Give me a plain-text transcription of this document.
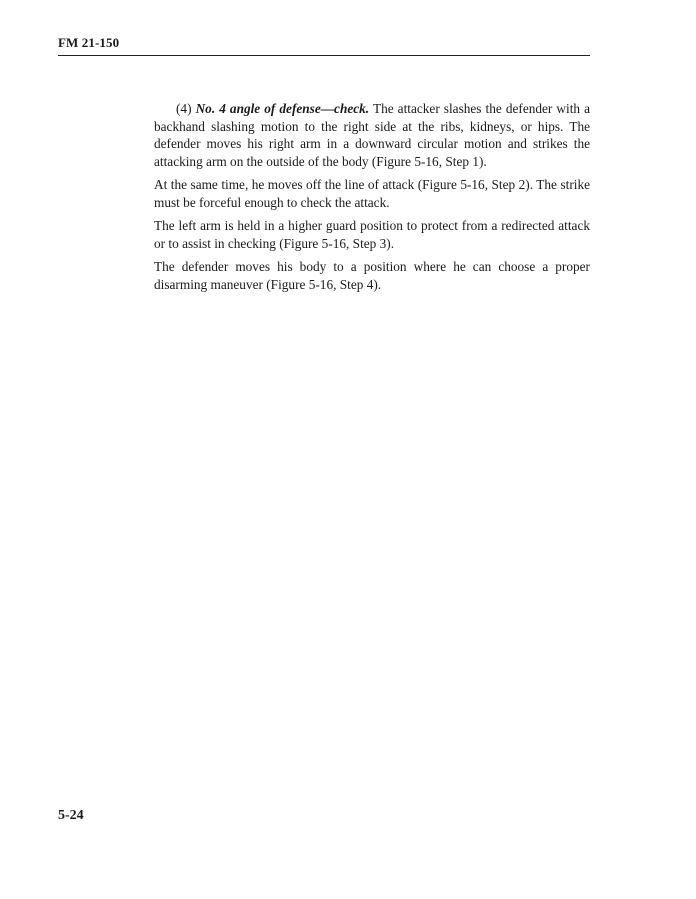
FM 21-150

(4) No. 4 angle of defense—check. The attacker slashes the defender with a backhand slashing motion to the right side at the ribs, kidneys, or hips. The defender moves his right arm in a downward circular motion and strikes the attacking arm on the outside of the body (Figure 5-16, Step 1).

At the same time, he moves off the line of attack (Figure 5-16, Step 2). The strike must be forceful enough to check the attack.

The left arm is held in a higher guard position to protect from a redirected attack or to assist in checking (Figure 5-16, Step 3).

The defender moves his body to a position where he can choose a proper disarming maneuver (Figure 5-16, Step 4).

5-24
